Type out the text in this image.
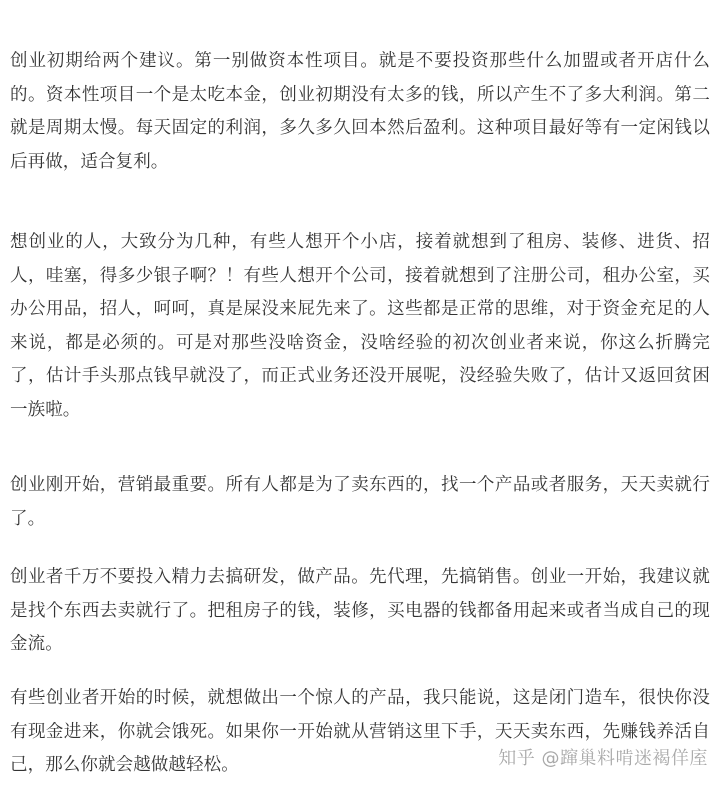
创业初期给两个建议。第一别做资本性项目。就是不要投资那些什么加盟或者开店什么的。资本性项目一个是太吃本金，创业初期没有太多的钱，所以产生不了多大利润。第二就是周期太慢。每天固定的利润，多久多久回本然后盈利。这种项目最好等有一定闲钱以后再做，适合复利。

想创业的人，大致分为几种，有些人想开个小店，接着就想到了租房、装修、进货、招人，哇塞，得多少银子啊？！有些人想开个公司，接着就想到了注册公司，租办公室，买办公用品，招人，呵呵，真是屎没来屁先来了。这些都是正常的思维，对于资金充足的人来说，都是必须的。可是对那些没啥资金，没啥经验的初次创业者来说，你这么折腾完了，估计手头那点钱早就没了，而正式业务还没开展呢，没经验失败了，估计又返回贫困一族啦。

创业刚开始，营销最重要。所有人都是为了卖东西的，找一个产品或者服务，天天卖就行了。

创业者千万不要投入精力去搞研发，做产品。先代理，先搞销售。创业一开始，我建议就是找个东西去卖就行了。把租房子的钱，装修，买电器的钱都备用起来或者当成自己的现金流。

有些创业者开始的时候，就想做出一个惊人的产品，我只能说，这是闭门造车，很快你没有现金进来，你就会饿死。如果你一开始就从营销这里下手，天天卖东西，先赚钱养活自己，那么你就会越做越轻松。	知乎 @蹿巢料啃迷褐佯庢
